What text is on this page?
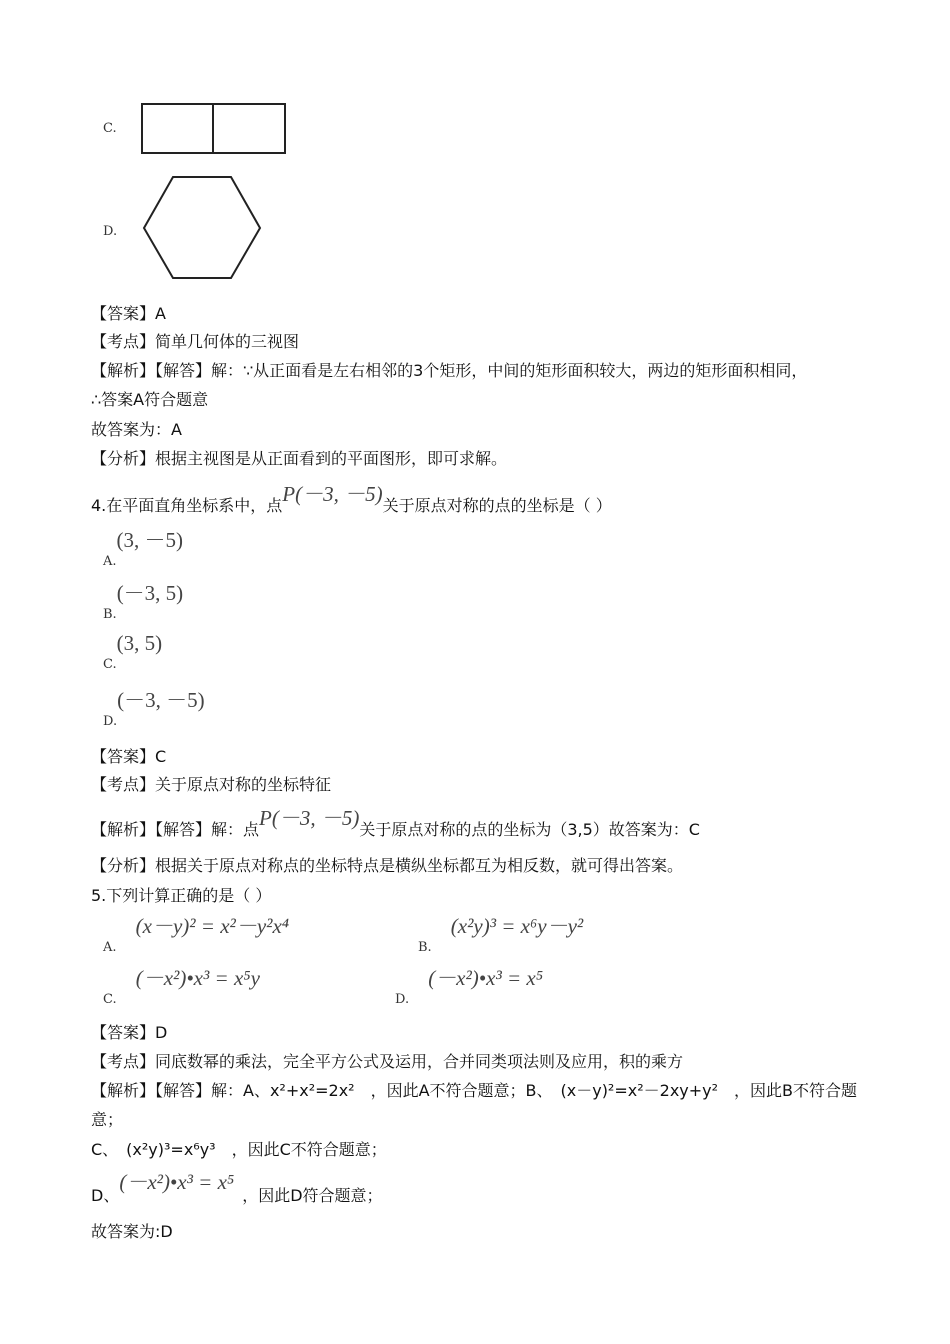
C.
D.
【答案】A
【考点】简单几何体的三视图
【解析】【解答】解：∵从正面看是左右相邻的3个矩形，中间的矩形面积较大，两边的矩形面积相同，
∴答案A符合题意
故答案为：A
【分析】根据主视图是从正面看到的平面图形，即可求解。
4.在平面直角坐标系中，点P(－3, －5)关于原点对称的点的坐标是（ ）
$_{A.}$(3, －5)
$_{B.}$(－3, 5)
$_{C.}$(3, 5)
$_{D.}$(－3, －5)
【答案】C
【考点】关于原点对称的坐标特征
【解析】【解答】解：点P(－3, －5)关于原点对称的点的坐标为（3,5）故答案为：C
【分析】根据关于原点对称点的坐标特点是横纵坐标都互为相反数，就可得出答案。
5.下列计算正确的是（ ）
$_{A.}$ (x－y)² = x²－y²x⁴
$_{B.}$ (x²y)³ = x⁶y－y²
$_{C.}$ (－x²)•x³ = x⁵y
$_{D.}$ (－x²)•x³ = x⁵
【答案】D
【考点】同底数幂的乘法，完全平方公式及运用，合并同类项法则及应用，积的乘方
【解析】【解答】解：A、x²+x²=2x²　，因此A不符合题意；B、　(x－y)²=x²－2xy+y²　，因此B不符合题
意；
C、　(x²y)³=x⁶y³　，因此C不符合题意；
D、(－x²)•x³ = x⁵，因此D符合题意；
故答案为:D
